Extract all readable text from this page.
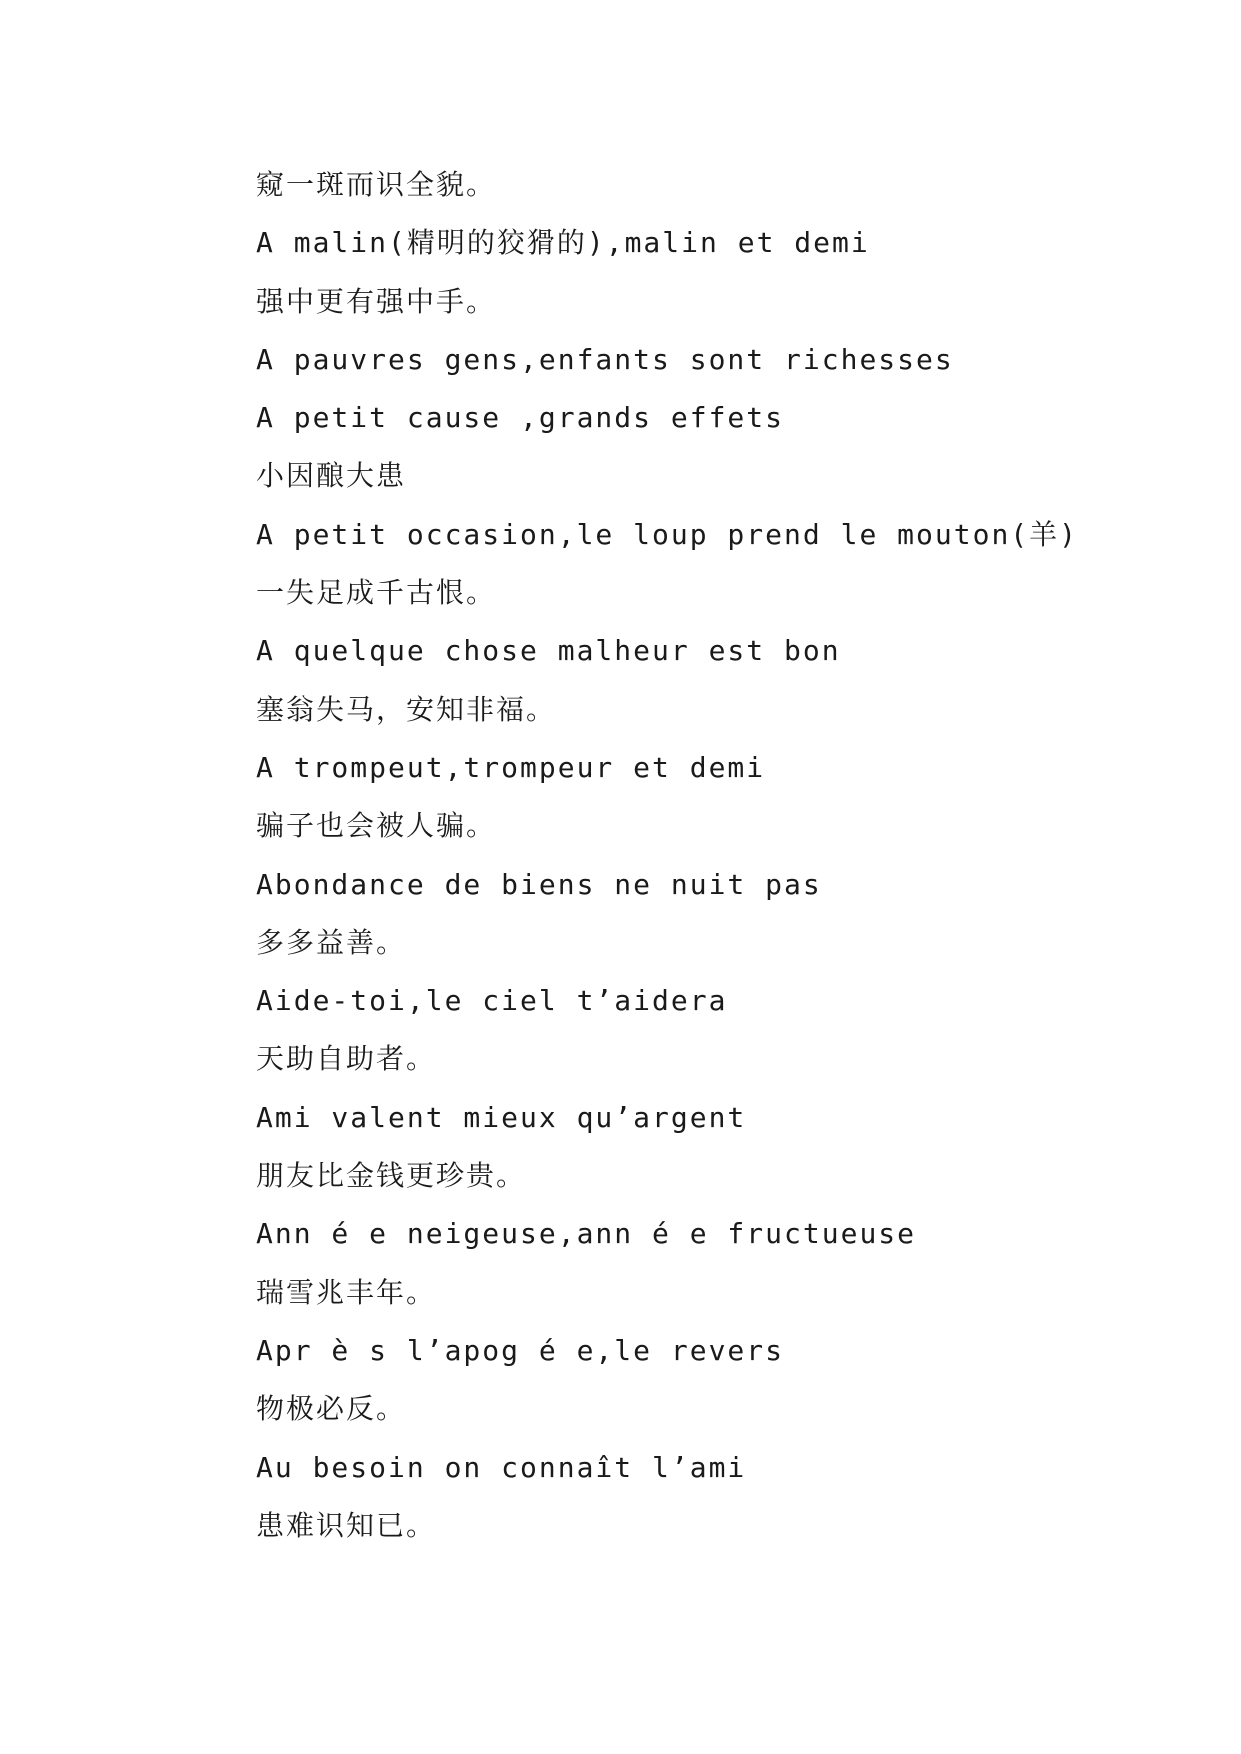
窥一斑而识全貌。
A malin(精明的狡猾的),malin et demi
强中更有强中手。
A pauvres gens,enfants sont richesses
A petit cause ,grands effets
小因酿大患
A petit occasion,le loup prend le mouton(羊)
一失足成千古恨。
A quelque chose malheur est bon
塞翁失马，安知非福。
A trompeut,trompeur et demi
骗子也会被人骗。
Abondance de biens ne nuit pas
多多益善。
Aide-toi,le ciel t’aidera
天助自助者。
Ami valent mieux qu’argent
朋友比金钱更珍贵。
Ann é e neigeuse,ann é e fructueuse
瑞雪兆丰年。
Apr è s l’apog é e,le revers
物极必反。
Au besoin on connaît l’ami
患难识知已。
